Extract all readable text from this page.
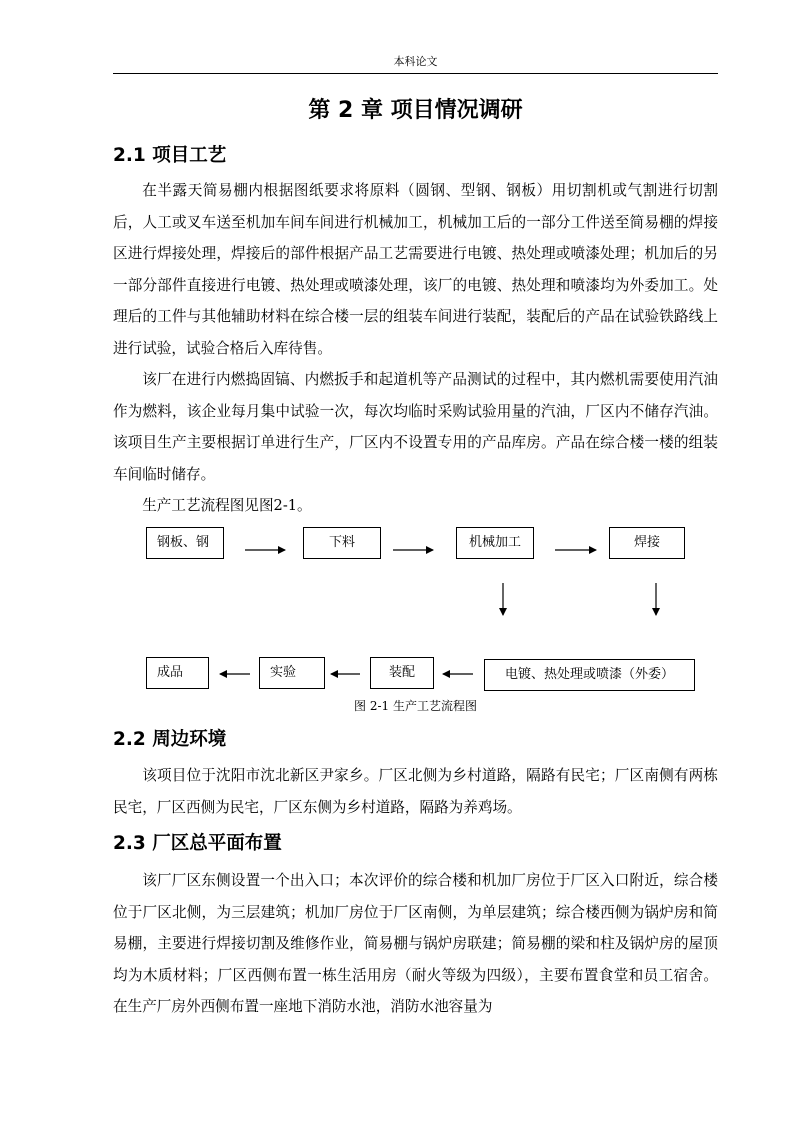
本科论文
第 2 章 项目情况调研
2.1 项目工艺

在半露天简易棚内根据图纸要求将原料（圆钢、型钢、钢板）用切割机或气割进行切割后，人工或叉车送至机加车间车间进行机械加工，机械加工后的一部分工件送至简易棚的焊接区进行焊接处理，焊接后的部件根据产品工艺需要进行电镀、热处理或喷漆处理；机加后的另一部分部件直接进行电镀、热处理或喷漆处理，该厂的电镀、热处理和喷漆均为外委加工。处理后的工件与其他辅助材料在综合楼一层的组装车间进行装配，装配后的产品在试验铁路线上进行试验，试验合格后入库待售。

该厂在进行内燃捣固镐、内燃扳手和起道机等产品测试的过程中，其内燃机需要使用汽油作为燃料，该企业每月集中试验一次，每次均临时采购试验用量的汽油，厂区内不储存汽油。该项目生产主要根据订单进行生产，厂区内不设置专用的产品库房。产品在综合楼一楼的组装车间临时储存。

生产工艺流程图见图2-1。

钢板、钢	下料	机械加工	焊接
成品	实验	装配	电镀、热处理或喷漆（外委）
图 2-1 生产工艺流程图
2.2 周边环境

该项目位于沈阳市沈北新区尹家乡。厂区北侧为乡村道路，隔路有民宅；厂区南侧有两栋民宅，厂区西侧为民宅，厂区东侧为乡村道路，隔路为养鸡场。

2.3 厂区总平面布置

该厂厂区东侧设置一个出入口；本次评价的综合楼和机加厂房位于厂区入口附近，综合楼位于厂区北侧，为三层建筑；机加厂房位于厂区南侧，为单层建筑；综合楼西侧为锅炉房和简易棚，主要进行焊接切割及维修作业，简易棚与锅炉房联建；简易棚的梁和柱及锅炉房的屋顶均为木质材料；厂区西侧布置一栋生活用房（耐火等级为四级），主要布置食堂和员工宿舍。在生产厂房外西侧布置一座地下消防水池，消防水池容量为
